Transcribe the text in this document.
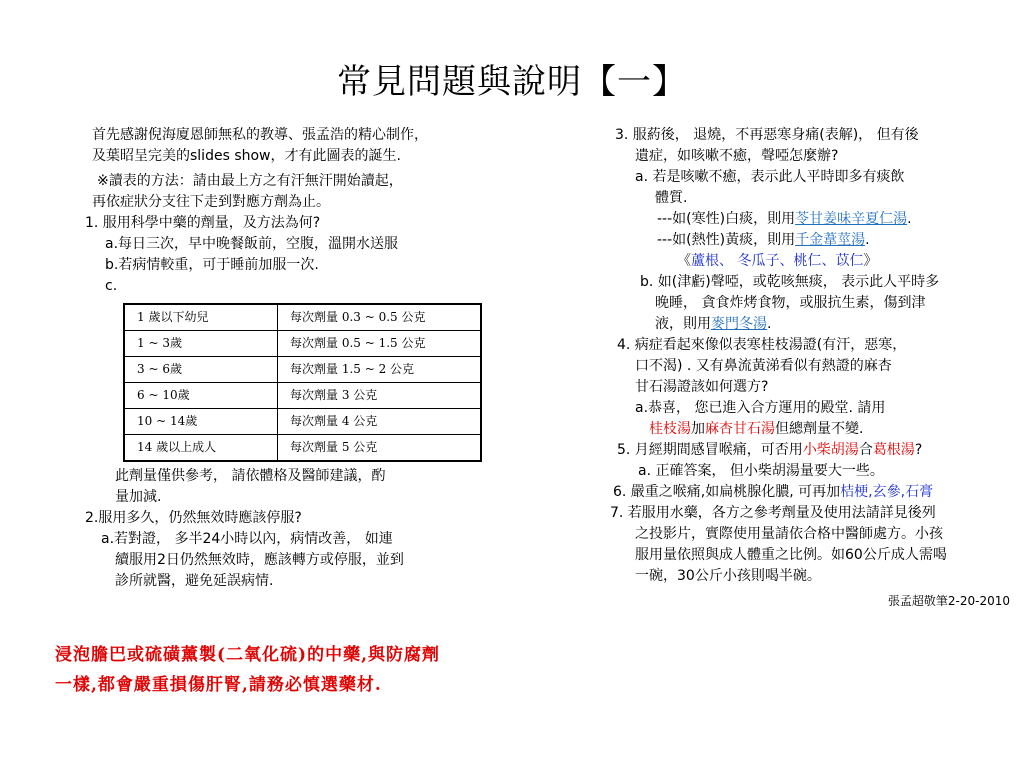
常見問題與說明【一】
首先感謝倪海廈恩師無私的教導、張孟浩的精心制作，
及葉昭呈完美的slides show，才有此圖表的誕生.
※讀表的方法：請由最上方之有汗無汗開始讀起，
再依症狀分支往下走到對應方劑為止。
1. 服用科學中藥的劑量，及方法為何?
a.每日三次，早中晚餐飯前，空腹，溫開水送服
b.若病情較重，可于睡前加服一次.
c.
1 歲以下幼兒	每次劑量 0.3 ~ 0.5 公克
1 ~ 3歲	每次劑量 0.5 ~ 1.5 公克
3 ~ 6歲	每次劑量 1.5 ~ 2 公克
6 ~ 10歲	每次劑量 3 公克
10 ~ 14歲	每次劑量 4 公克
14 歲以上成人	每次劑量 5 公克
此劑量僅供參考， 請依體格及醫師建議，酌
量加減.
2.服用多久，仍然無效時應該停服?
a.若對證， 多半24小時以內，病情改善， 如連
續服用2日仍然無效時，應該轉方或停服，並到
診所就醫，避免延誤病情.
浸泡膽巴或硫磺薰製(二氧化硫)的中藥,與防腐劑
一樣,都會嚴重損傷肝腎,請務必慎選藥材.
3. 服葯後， 退燒，不再惡寒身痛(表解)， 但有後
遺症，如咳嗽不癒，聲啞怎麼辦?
a. 若是咳嗽不癒，表示此人平時即多有痰飲
體質.
---如(寒性)白痰，則用苓甘姜味辛夏仁湯.
---如(熱性)黃痰，則用千金葦莖湯.
《蘆根、 冬瓜子、桃仁、苡仁》
b. 如(津虧)聲啞，或乾咳無痰， 表示此人平時多
晚睡， 貪食炸烤食物，或服抗生素，傷到津
液，則用麥門冬湯.
4. 病症看起來像似表寒桂枝湯證(有汗，惡寒，
口不渴) . 又有鼻流黃涕看似有熱證的麻杏
甘石湯證該如何選方?
a.恭喜， 您已進入合方運用的殿堂. 請用
桂枝湯加麻杏甘石湯但總劑量不變.
5. 月經期間感冒喉痛，可否用小柴胡湯合葛根湯?
a. 正確答案， 但小柴胡湯量要大一些。
6. 嚴重之喉痛,如扁桃腺化膿, 可再加桔梗,玄參,石膏
7. 若服用水藥，各方之參考劑量及使用法請詳見後列
之投影片，實際使用量請依合格中醫師處方。小孩
服用量依照與成人體重之比例。如60公斤成人需喝
一碗，30公斤小孩則喝半碗。
張孟超敬筆2-20-2010
